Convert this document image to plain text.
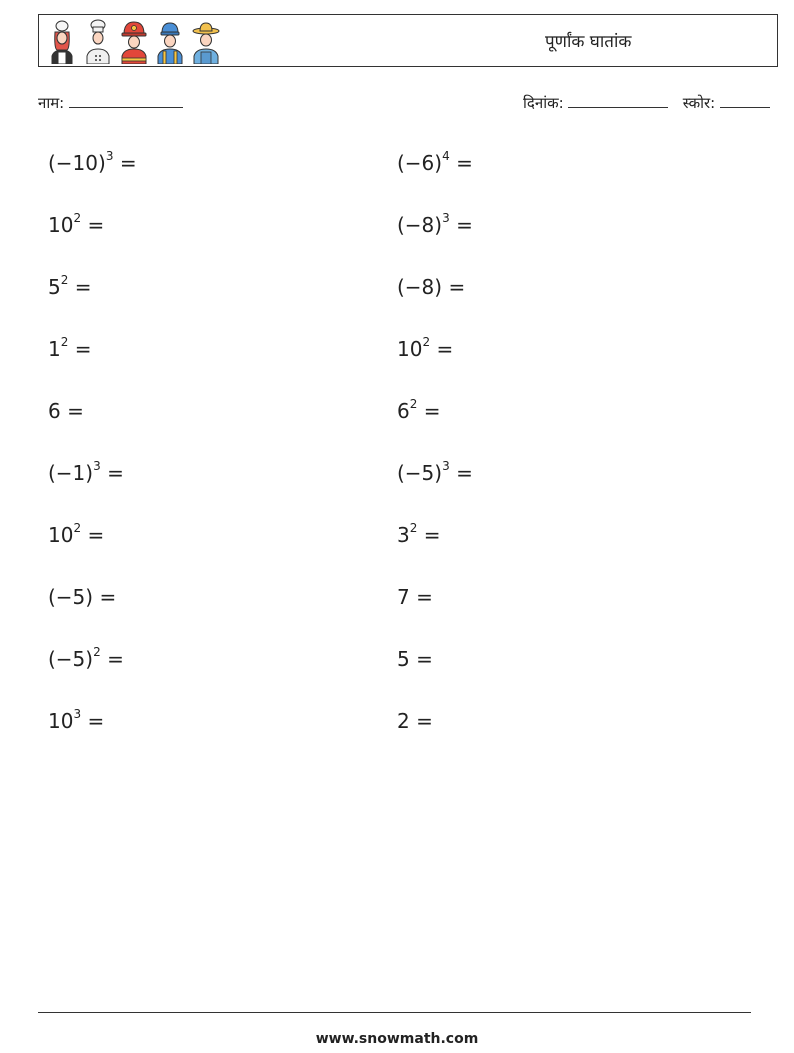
पूर्णांक घातांक
नाम:	दिनांक:	स्कोर:
$(-10)^3$ =
$10^2$ =
$5^2$ =
$1^2$ =
6 =
$(-1)^3$ =
$10^2$ =
(−5) =
$(-5)^2$ =
$10^3$ =
$(-6)^4$ =
$(-8)^3$ =
(−8) =
$10^2$ =
$6^2$ =
$(-5)^3$ =
$3^2$ =
7 =
5 =
2 =
www.snowmath.com
